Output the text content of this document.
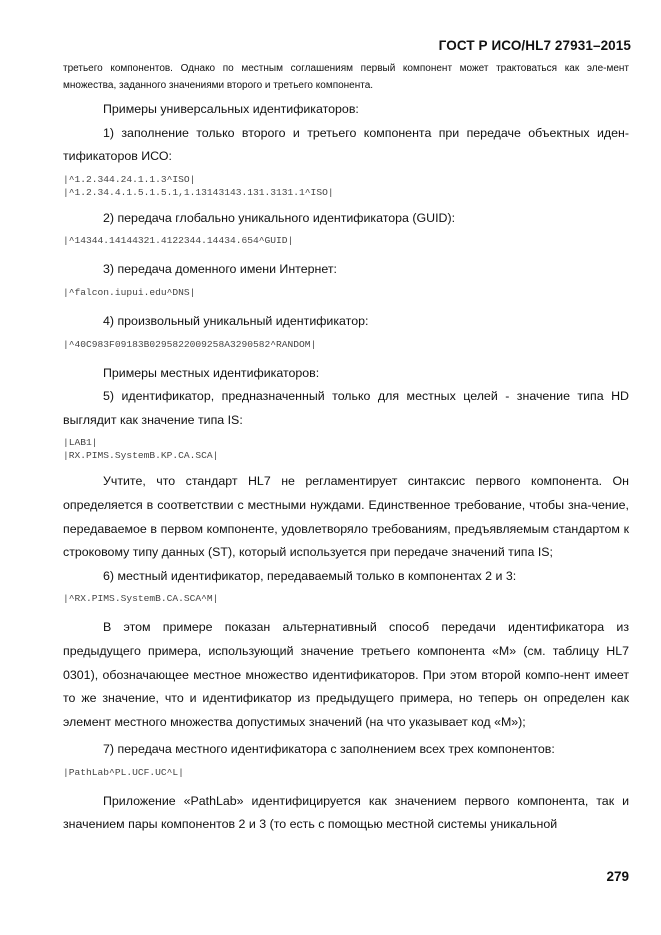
ГОСТ Р ИСО/HL7 27931–2015

третьего компонентов. Однако по местным соглашениям первый компонент может трактоваться как эле-мент множества, заданного значениями второго и третьего компонента.

Примеры универсальных идентификаторов:

1) заполнение только второго и третьего компонента при передаче объектных иден-тификаторов ИСО:

|^1.2.344.24.1.1.3^ISO|

|^1.2.34.4.1.5.1.5.1,1.13143143.131.3131.1^ISO|

2) передача глобально уникального идентификатора (GUID):

|^14344.14144321.4122344.14434.654^GUID|

3) передача доменного имени Интернет:

|^falcon.iupui.edu^DNS|

4) произвольный уникальный идентификатор:

|^40C983F09183B0295822009258A3290582^RANDOM|

Примеры местных идентификаторов:

5) идентификатор, предназначенный только для местных целей - значение типа HD выглядит как значение типа IS:

|LAB1|

|RX.PIMS.SystemB.KP.CA.SCA|

Учтите, что стандарт HL7 не регламентирует синтаксис первого компонента. Он определяется в соответствии с местными нуждами. Единственное требование, чтобы зна-чение, передаваемое в первом компоненте, удовлетворяло требованиям, предъявляемым стандартом к строковому типу данных (ST), который используется при передаче значений типа IS;

6) местный идентификатор, передаваемый только в компонентах 2 и 3:

|^RX.PIMS.SystemB.CA.SCA^M|

В этом примере показан альтернативный способ передачи идентификатора из предыдущего примера, использующий значение третьего компонента «M» (см. таблицу HL7 0301), обозначающее местное множество идентификаторов. При этом второй компо-нент имеет то же значение, что и идентификатор из предыдущего примера, но теперь он определен как элемент местного множества допустимых значений (на что указывает код «M»);

7) передача местного идентификатора с заполнением всех трех компонентов:

|PathLab^PL.UCF.UC^L|

Приложение «PathLab» идентифицируется как значением первого компонента, так и значением пары компонентов 2 и 3 (то есть с помощью местной системы уникальной

279
